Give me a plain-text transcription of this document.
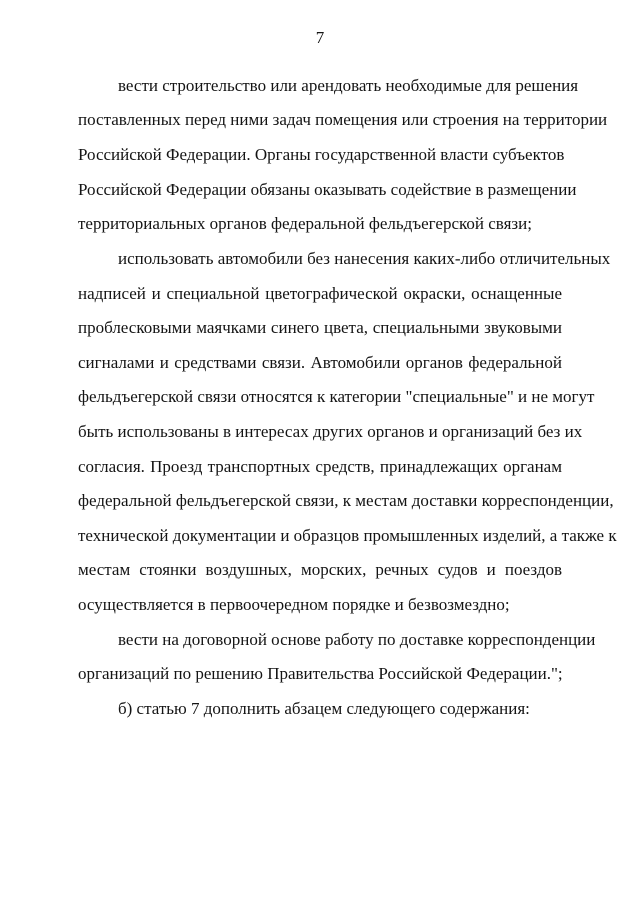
7
вести строительство или арендовать необходимые для решения
поставленных перед ними задач помещения или строения на территории
Российской Федерации. Органы государственной власти субъектов
Российской Федерации обязаны оказывать содействие в размещении
территориальных органов федеральной фельдъегерской связи;
использовать автомобили без нанесения каких-либо отличительных
надписей и специальной цветографической окраски, оснащенные
проблесковыми маячками синего цвета, специальными звуковыми
сигналами и средствами связи. Автомобили органов федеральной
фельдъегерской связи относятся к категории "специальные" и не могут
быть использованы в интересах других органов и организаций без их
согласия. Проезд транспортных средств, принадлежащих органам
федеральной фельдъегерской связи, к местам доставки корреспонденции,
технической документации и образцов промышленных изделий, а также к
местам стоянки воздушных, морских, речных судов и поездов
осуществляется в первоочередном порядке и безвозмездно;
вести на договорной основе работу по доставке корреспонденции
организаций по решению Правительства Российской Федерации.";
б) статью 7 дополнить абзацем следующего содержания:
